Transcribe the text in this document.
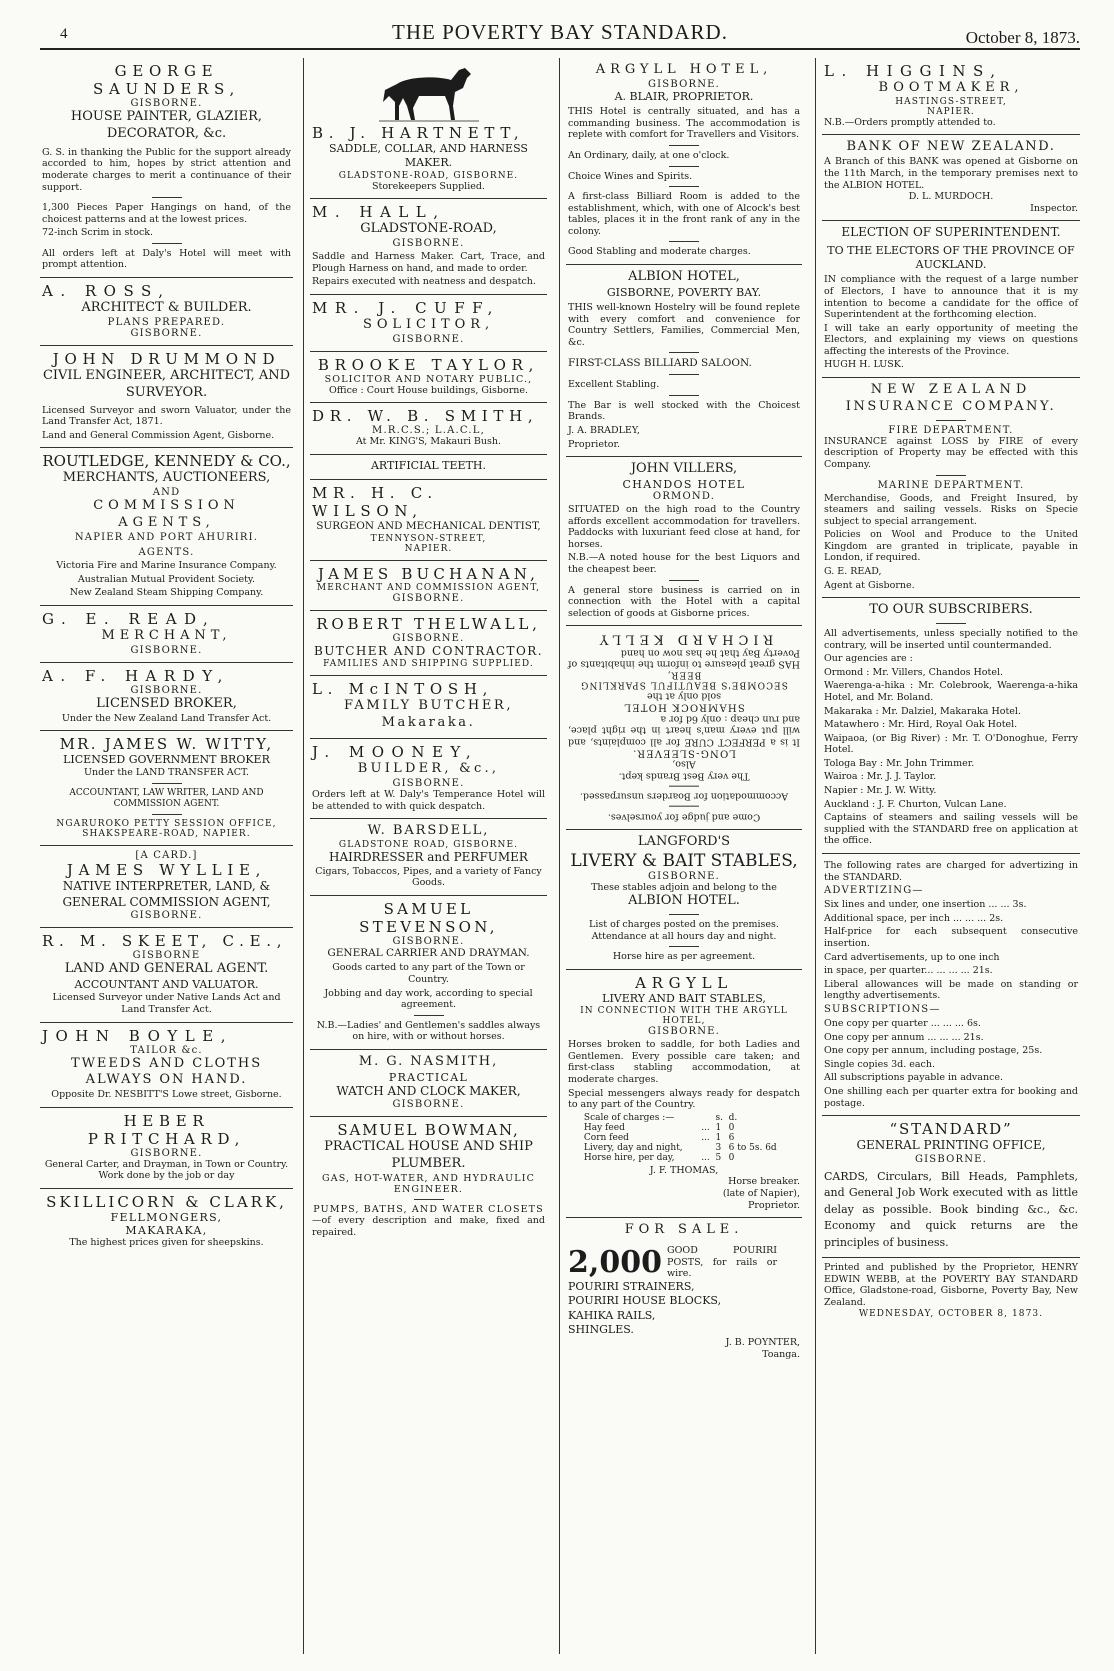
4	THE POVERTY BAY STANDARD.	October 8, 1873.
GEORGE SAUNDERS,
GISBORNE.
HOUSE PAINTER, GLAZIER, DECORATOR, &c.

G. S. in thanking the Public for the support already accorded to him, hopes by strict attention and moderate charges to merit a continuance of their support.

1,300 Pieces Paper Hangings on hand, of the choicest patterns and at the lowest prices.

72-inch Scrim in stock.

All orders left at Daly's Hotel will meet with prompt attention.

A. ROSS,
ARCHITECT & BUILDER.
PLANS PREPARED.
GISBORNE.
JOHN DRUMMOND
CIVIL ENGINEER, ARCHITECT, AND SURVEYOR.

Licensed Surveyor and sworn Valuator, under the Land Transfer Act, 1871.

Land and General Commission Agent, Gisborne.

ROUTLEDGE, KENNEDY & CO.,
MERCHANTS, AUCTIONEERS,
AND
COMMISSION AGENTS,
NAPIER AND PORT AHURIRI.
AGENTS.

Victoria Fire and Marine Insurance Company.

Australian Mutual Provident Society.

New Zealand Steam Shipping Company.

G. E. READ,
MERCHANT,
GISBORNE.
A. F. HARDY,
GISBORNE.
LICENSED BROKER,
Under the New Zealand Land Transfer Act.
MR. JAMES W. WITTY,
LICENSED GOVERNMENT BROKER
Under the LAND TRANSFER ACT.
ACCOUNTANT, LAW WRITER, LAND AND COMMISSION AGENT.
NGARUROKO PETTY SESSION OFFICE,
SHAKSPEARE-ROAD, NAPIER.
[A CARD.]
JAMES WYLLIE,
NATIVE INTERPRETER, LAND, & GENERAL COMMISSION AGENT,
GISBORNE.
R. M. SKEET, C.E.,
GISBORNE
LAND AND GENERAL AGENT.
ACCOUNTANT AND VALUATOR.
Licensed Surveyor under Native Lands Act and Land Transfer Act.
JOHN BOYLE,
TAILOR &c.
TWEEDS AND CLOTHS ALWAYS ON HAND.
Opposite Dr. NESBITT'S Lowe street, Gisborne.
HEBER PRITCHARD,
GISBORNE.
General Carter, and Drayman, in Town or Country.
Work done by the job or day
SKILLICORN & CLARK,
FELLMONGERS,
MAKARAKA,
The highest prices given for sheepskins.
B. J. HARTNETT,
SADDLE, COLLAR, AND HARNESS MAKER.
GLADSTONE-ROAD, GISBORNE.
Storekeepers Supplied.
M. HALL,
GLADSTONE-ROAD,
GISBORNE.

Saddle and Harness Maker. Cart, Trace, and Plough Harness on hand, and made to order.

Repairs executed with neatness and despatch.

MR. J. CUFF,
SOLICITOR,
GISBORNE.
BROOKE TAYLOR,
SOLICITOR AND NOTARY PUBLIC.,
Office : Court House buildings, Gisborne.
DR. W. B. SMITH,
M.R.C.S.; L.A.C.L,
At Mr. KING'S, Makauri Bush.
ARTIFICIAL TEETH.
MR. H. C. WILSON,
SURGEON AND MECHANICAL DENTIST,
TENNYSON-STREET,
NAPIER.
JAMES BUCHANAN,
MERCHANT AND COMMISSION AGENT,
GISBORNE.
ROBERT THELWALL,
GISBORNE.
BUTCHER AND CONTRACTOR.
FAMILIES AND SHIPPING SUPPLIED.
L. McINTOSH,
FAMILY BUTCHER,
Makaraka.
J. MOONEY,
BUILDER, &c.,
GISBORNE.
Orders left at W. Daly's Temperance Hotel will be attended to with quick despatch.
W. BARSDELL,
GLADSTONE ROAD, GISBORNE.
HAIRDRESSER and PERFUMER
Cigars, Tobaccos, Pipes, and a variety of Fancy Goods.
SAMUEL STEVENSON,
GISBORNE.
GENERAL CARRIER AND DRAYMAN.

Goods carted to any part of the Town or Country.

Jobbing and day work, according to special agreement.

N.B.—Ladies' and Gentlemen's saddles always on hire, with or without horses.

M. G. NASMITH,
PRACTICAL
WATCH AND CLOCK MAKER,
GISBORNE.
SAMUEL BOWMAN,
PRACTICAL HOUSE AND SHIP PLUMBER.
GAS, HOT-WATER, AND HYDRAULIC ENGINEER.
PUMPS, BATHS, AND WATER CLOSETS
—of every description and make, fixed and repaired.
ARGYLL HOTEL,
GISBORNE.
A. BLAIR, PROPRIETOR.

THIS Hotel is centrally situated, and has a commanding business. The accommodation is replete with comfort for Travellers and Visitors.

An Ordinary, daily, at one o'clock.

Choice Wines and Spirits.

A first-class Billiard Room is added to the establishment, which, with one of Alcock's best tables, places it in the front rank of any in the colony.

Good Stabling and moderate charges.

ALBION HOTEL,
GISBORNE, POVERTY BAY.

THIS well-known Hostelry will be found replete with every comfort and convenience for Country Settlers, Families, Commercial Men, &c.

FIRST-CLASS BILLIARD SALOON.

Excellent Stabling.

The Bar is well stocked with the Choicest Brands.

J. A. BRADLEY,

Proprietor.

JOHN VILLERS,
CHANDOS HOTEL
ORMOND.

SITUATED on the high road to the Country affords excellent accommodation for travellers. Paddocks with luxuriant feed close at hand, for horses.

N.B.—A noted house for the best Liquors and the cheapest beer.

A general store business is carried on in connection with the Hotel with a capital selection of goods at Gisborne prices.

Come and judge for yourselves.
Accommodation for Boarders unsurpassed.
The very Best Brands kept.
Also,
LONG-SLEEVER.
It is a PERFECT CURE for all complaints, and will put every man's heart in the right place, and run cheap : only 6d for a
SHAMROCK HOTEL
sold only at the
SECOMBE'S BEAUTIFUL SPARKLING BEER,
HAS great pleasure to inform the inhabitants of Poverty Bay that he has now on hand
RICHARD KELLY
LANGFORD'S
LIVERY & BAIT STABLES,
GISBORNE.
These stables adjoin and belong to the
ALBION HOTEL.
List of charges posted on the premises.
Attendance at all hours day and night.
Horse hire as per agreement.
ARGYLL
LIVERY AND BAIT STABLES,
IN CONNECTION WITH THE ARGYLL HOTEL,
GISBORNE.

Horses broken to saddle, for both Ladies and Gentlemen. Every possible care taken; and first-class stabling accommodation, at moderate charges.

Special messengers always ready for despatch to any part of the Country.

Scale of charges :—		s.	d.
Hay feed	...	1	0
Corn feed	...	1	6
Livery, day and night,		3	6 to 5s. 6d
Horse hire, per day,	...	5	0
J. F. THOMAS,
Horse breaker.
(late of Napier),
Proprietor.
FOR SALE.
2,000 GOOD POURIRI POSTS, for rails or wire.
POURIRI STRAINERS,
POURIRI HOUSE BLOCKS,
KAHIKA RAILS,
SHINGLES.
J. B. POYNTER,
Toanga.
L. HIGGINS,
BOOTMAKER,
HASTINGS-STREET,
NAPIER.
N.B.—Orders promptly attended to.
BANK OF NEW ZEALAND.
A Branch of this BANK was opened at Gisborne on the 11th March, in the temporary premises next to the ALBION HOTEL.
D. L. MURDOCH.
Inspector.
ELECTION OF SUPERINTENDENT.
TO THE ELECTORS OF THE PROVINCE OF AUCKLAND.

IN compliance with the request of a large number of Electors, I have to announce that it is my intention to become a candidate for the office of Superintendent at the forthcoming election.

I will take an early opportunity of meeting the Electors, and explaining my views on questions affecting the interests of the Province.

HUGH H. LUSK.

NEW ZEALAND
INSURANCE COMPANY.
FIRE DEPARTMENT.
INSURANCE against LOSS by FIRE of every description of Property may be effected with this Company.
MARINE DEPARTMENT.

Merchandise, Goods, and Freight Insured, by steamers and sailing vessels. Risks on Specie subject to special arrangement.

Policies on Wool and Produce to the United Kingdom are granted in triplicate, payable in London, if required.

G. E. READ,

Agent at Gisborne.

TO OUR SUBSCRIBERS.

All advertisements, unless specially notified to the contrary, will be inserted until countermanded.

Our agencies are :

Ormond : Mr. Villers, Chandos Hotel.

Waerenga-a-hika : Mr. Colebrook, Waerenga-a-hika Hotel, and Mr. Boland.

Makaraka : Mr. Dalziel, Makaraka Hotel.

Matawhero : Mr. Hird, Royal Oak Hotel.

Waipaoa, (or Big River) : Mr. T. O'Donoghue, Ferry Hotel.

Tologa Bay : Mr. John Trimmer.

Wairoa : Mr. J. J. Taylor.

Napier : Mr. J. W. Witty.

Auckland : J. F. Churton, Vulcan Lane.

Captains of steamers and sailing vessels will be supplied with the STANDARD free on application at the office.

The following rates are charged for advertizing in the STANDARD.

ADVERTIZING—

Six lines and under, one insertion ... ... 3s.

Additional space, per inch ... ... ... 2s.

Half-price for each subsequent consecutive insertion.

Card advertisements, up to one inch

in space, per quarter... ... ... ... 21s.

Liberal allowances will be made on standing or lengthy advertisements.

SUBSCRIPTIONS—

One copy per quarter ... ... ... 6s.

One copy per annum ... ... ... 21s.

One copy per annum, including postage, 25s.

Single copies 3d. each.

All subscriptions payable in advance.

One shilling each per quarter extra for booking and postage.

“STANDARD”
GENERAL PRINTING OFFICE,
GISBORNE.
CARDS, Circulars, Bill Heads, Pamphlets, and General Job Work executed with as little delay as possible. Book binding &c., &c. Economy and quick returns are the principles of business.
Printed and published by the Proprietor, HENRY EDWIN WEBB, at the POVERTY BAY STANDARD Office, Gladstone-road, Gisborne, Poverty Bay, New Zealand.
WEDNESDAY, OCTOBER 8, 1873.
